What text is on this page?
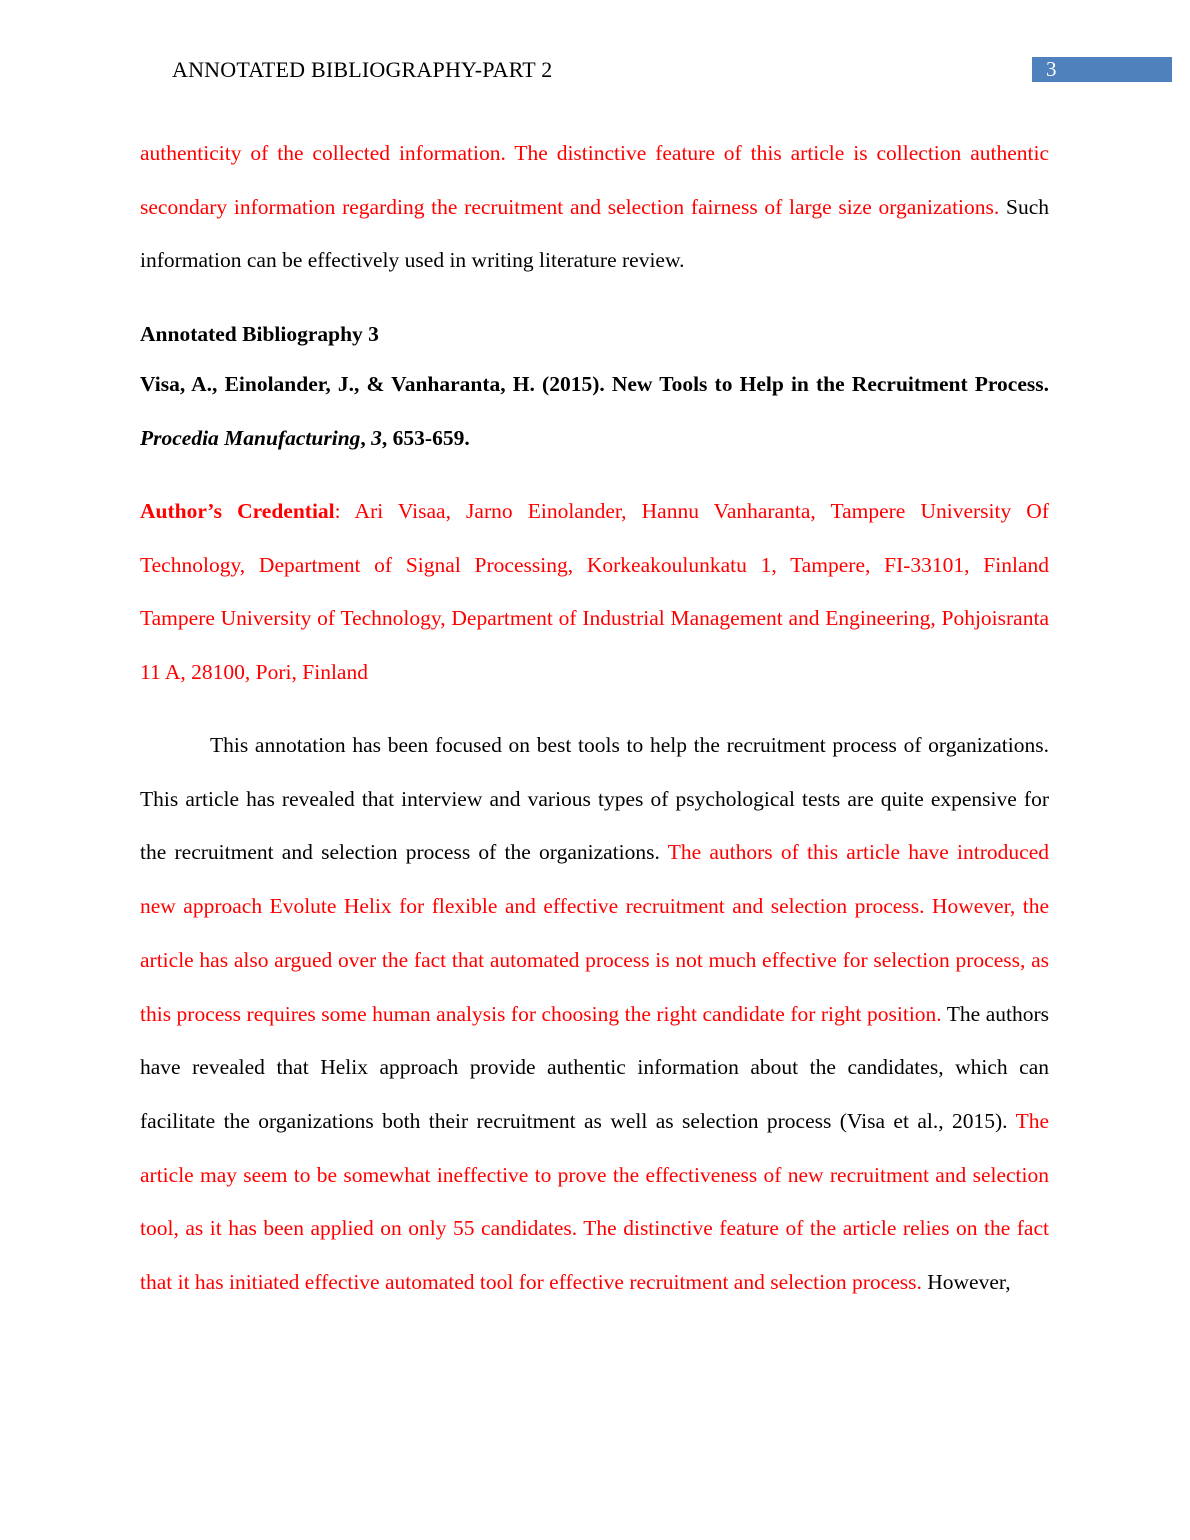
ANNOTATED BIBLIOGRAPHY-PART 2	3
authenticity of the collected information. The distinctive feature of this article is collection authentic secondary information regarding the recruitment and selection fairness of large size organizations. Such information can be effectively used in writing literature review.
Annotated Bibliography 3
Visa, A., Einolander, J., & Vanharanta, H. (2015). New Tools to Help in the Recruitment Process. Procedia Manufacturing, 3, 653-659.
Author’s Credential: Ari Visaa, Jarno Einolander, Hannu Vanharanta, Tampere University Of Technology, Department of Signal Processing, Korkeakoulunkatu 1, Tampere, FI-33101, Finland Tampere University of Technology, Department of Industrial Management and Engineering, Pohjoisranta 11 A, 28100, Pori, Finland
This annotation has been focused on best tools to help the recruitment process of organizations. This article has revealed that interview and various types of psychological tests are quite expensive for the recruitment and selection process of the organizations. The authors of this article have introduced new approach Evolute Helix for flexible and effective recruitment and selection process. However, the article has also argued over the fact that automated process is not much effective for selection process, as this process requires some human analysis for choosing the right candidate for right position. The authors have revealed that Helix approach provide authentic information about the candidates, which can facilitate the organizations both their recruitment as well as selection process (Visa et al., 2015). The article may seem to be somewhat ineffective to prove the effectiveness of new recruitment and selection tool, as it has been applied on only 55 candidates. The distinctive feature of the article relies on the fact that it has initiated effective automated tool for effective recruitment and selection process. However,
